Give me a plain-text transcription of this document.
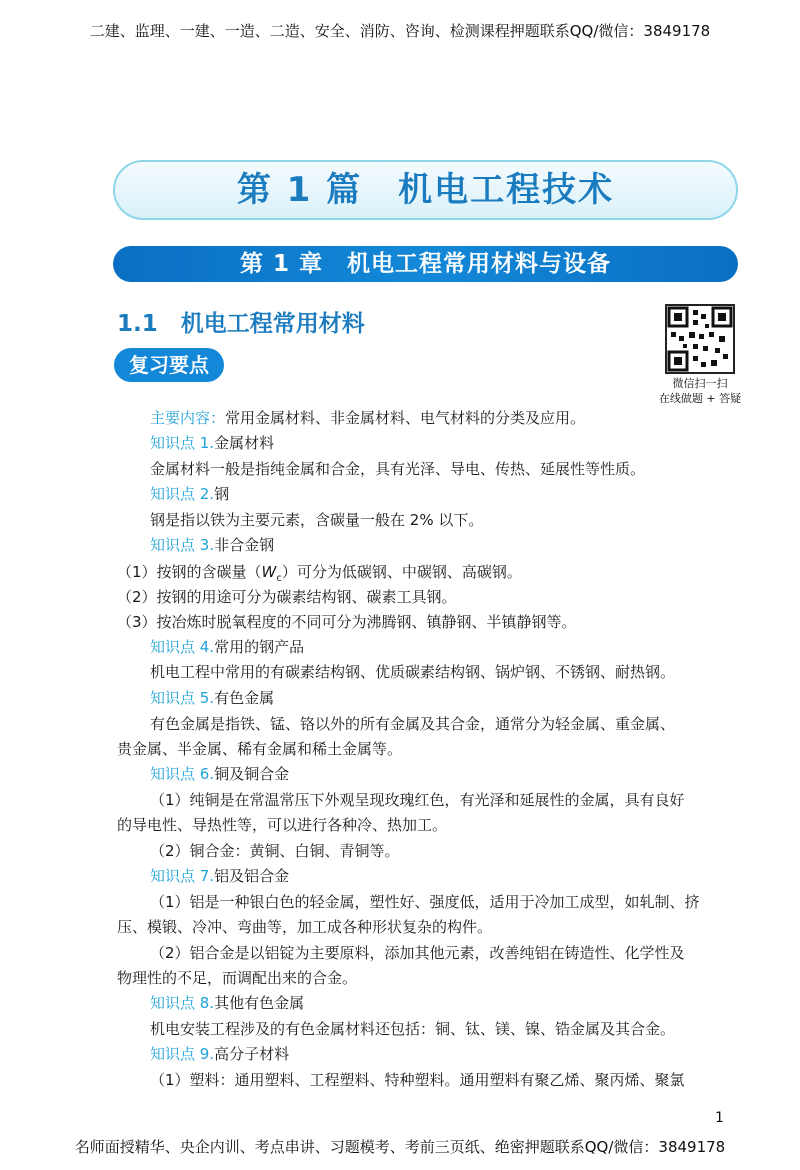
二建、监理、一建、一造、二造、安全、消防、咨询、检测课程押题联系QQ/微信：3849178
第 1 篇　机电工程技术
第 1 章　机电工程常用材料与设备
1.1　机电工程常用材料
微信扫一扫
在线做题 + 答疑
复习要点
主要内容：常用金属材料、非金属材料、电气材料的分类及应用。
知识点 1.金属材料
金属材料一般是指纯金属和合金，具有光泽、导电、传热、延展性等性质。
知识点 2.钢
钢是指以铁为主要元素，含碳量一般在 2% 以下。
知识点 3.非合金钢
（1）按钢的含碳量$(W_c)$可分为低碳钢、中碳钢、高碳钢。
（2）按钢的用途可分为碳素结构钢、碳素工具钢。
（3）按冶炼时脱氧程度的不同可分为沸腾钢、镇静钢、半镇静钢等。
知识点 4.常用的钢产品
机电工程中常用的有碳素结构钢、优质碳素结构钢、锅炉钢、不锈钢、耐热钢。
知识点 5.有色金属
有色金属是指铁、锰、铬以外的所有金属及其合金，通常分为轻金属、重金属、
贵金属、半金属、稀有金属和稀土金属等。
知识点 6.铜及铜合金
（1）纯铜是在常温常压下外观呈现玫瑰红色，有光泽和延展性的金属，具有良好
的导电性、导热性等，可以进行各种冷、热加工。
（2）铜合金：黄铜、白铜、青铜等。
知识点 7.铝及铝合金
（1）铝是一种银白色的轻金属，塑性好、强度低，适用于冷加工成型，如轧制、挤
压、模锻、冷冲、弯曲等，加工成各种形状复杂的构件。
（2）铝合金是以铝锭为主要原料，添加其他元素，改善纯铝在铸造性、化学性及
物理性的不足，而调配出来的合金。
知识点 8.其他有色金属
机电安装工程涉及的有色金属材料还包括：铜、钛、镁、镍、锆金属及其合金。
知识点 9.高分子材料
（1）塑料：通用塑料、工程塑料、特种塑料。通用塑料有聚乙烯、聚丙烯、聚氯
1
名师面授精华、央企内训、考点串讲、习题模考、考前三页纸、绝密押题联系QQ/微信：3849178
